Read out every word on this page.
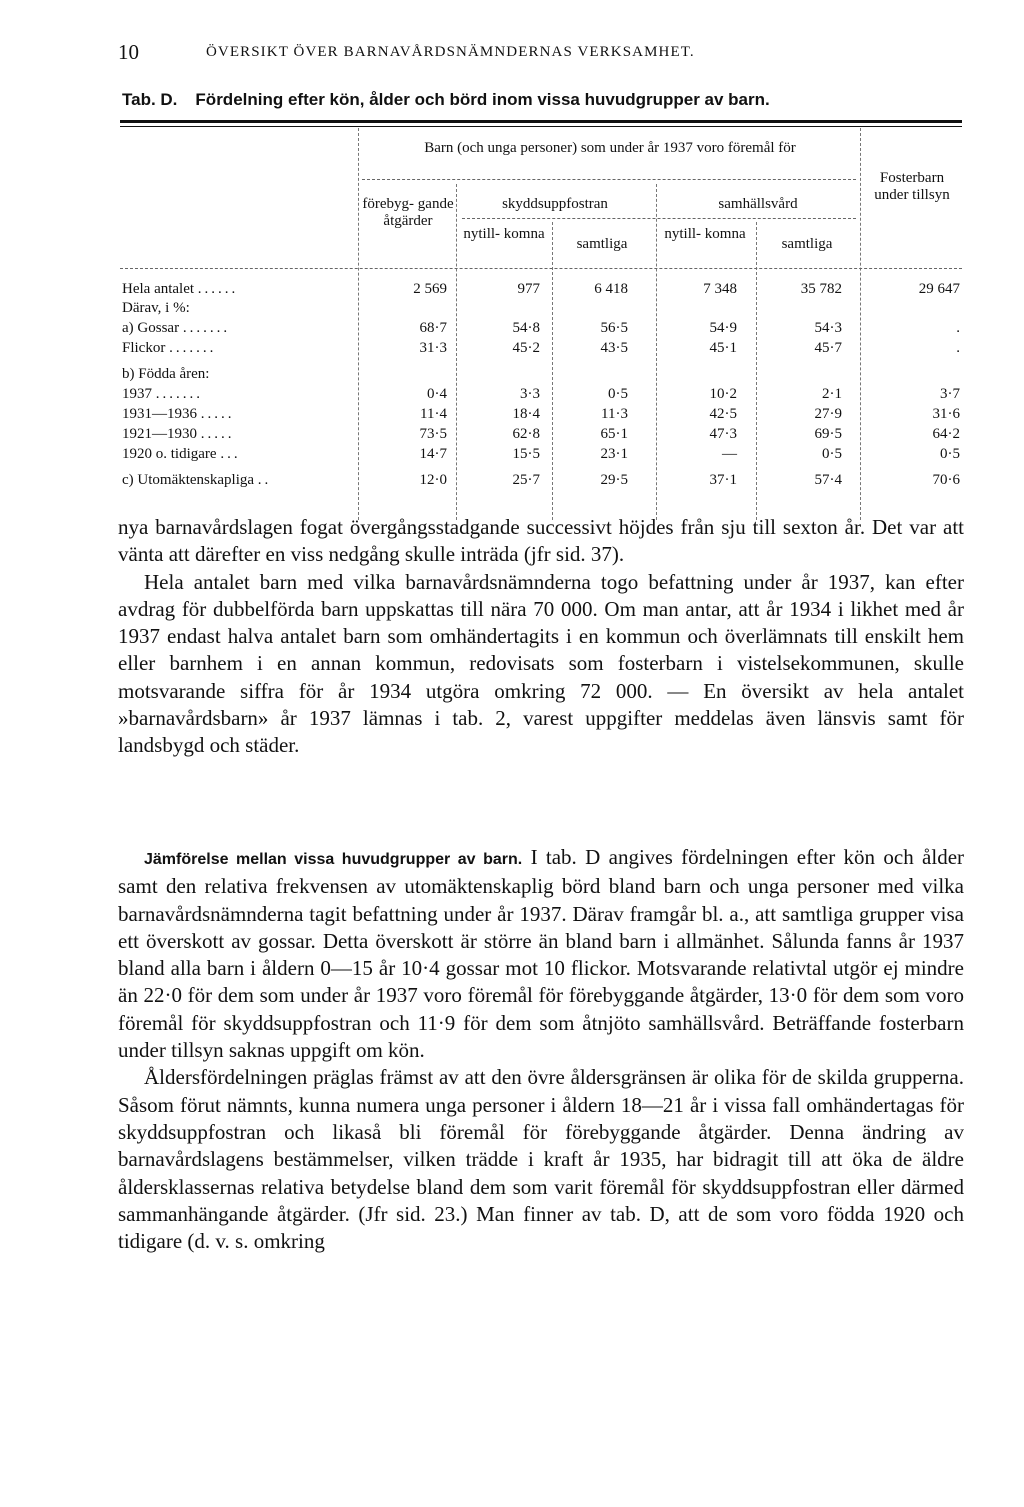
10	ÖVERSIKT ÖVER BARNAVÅRDSNÄMNDERNAS VERKSAMHET.
Tab. D. Fördelning efter kön, ålder och börd inom vissa huvudgrupper av barn.
Barn (och unga personer) som under år 1937 voro föremål för
förebyg- gande åtgärder
skyddsuppfostran	samhällsvård
nytill- komna
samtliga
nytill- komna
samtliga
Fosterbarn under tillsyn
Hela antalet ......	2 569	977	6 418	7 348	35 782	29 647
Därav, i %:
a) Gossar .......	68·7	54·8	56·5	54·9	54·3	.
Flickor .......	31·3	45·2	43·5	45·1	45·7	.
b) Födda åren:
1937 .......	0·4	3·3	0·5	10·2	2·1	3·7
1931—1936 .....	11·4	18·4	11·3	42·5	27·9	31·6
1921—1930 .....	73·5	62·8	65·1	47·3	69·5	64·2
1920 o. tidigare ...	14·7	15·5	23·1	—	0·5	0·5
c) Utomäktenskapliga ..	12·0	25·7	29·5	37·1	57·4	70·6

nya barnavårdslagen fogat övergångsstadgande successivt höjdes från sju till sexton år. Det var att vänta att därefter en viss nedgång skulle inträda (jfr sid. 37).

Hela antalet barn med vilka barnavårdsnämnderna togo befattning under år 1937, kan efter avdrag för dubbelförda barn uppskattas till nära 70 000. Om man antar, att år 1934 i likhet med år 1937 endast halva antalet barn som omhändertagits i en kommun och överlämnats till enskilt hem eller barnhem i en annan kommun, redovisats som fosterbarn i vistelsekommunen, skulle motsvarande siffra för år 1934 utgöra omkring 72 000. — En översikt av hela antalet »barnavårdsbarn» år 1937 lämnas i tab. 2, varest uppgifter meddelas även länsvis samt för landsbygd och städer.

Jämförelse mellan vissa huvudgrupper av barn. I tab. D angives fördelningen efter kön och ålder samt den relativa frekvensen av utomäktenskaplig börd bland barn och unga personer med vilka barnavårdsnämnderna tagit befattning under år 1937. Därav framgår bl. a., att samtliga grupper visa ett överskott av gossar. Detta överskott är större än bland barn i allmänhet. Sålunda fanns år 1937 bland alla barn i åldern 0—15 år 10·4 gossar mot 10 flickor. Motsvarande relativtal utgör ej mindre än 22·0 för dem som under år 1937 voro föremål för förebyggande åtgärder, 13·0 för dem som voro föremål för skyddsuppfostran och 11·9 för dem som åtnjöto samhällsvård. Beträffande fosterbarn under tillsyn saknas uppgift om kön.

Åldersfördelningen präglas främst av att den övre åldersgränsen är olika för de skilda grupperna. Såsom förut nämnts, kunna numera unga personer i åldern 18—21 år i vissa fall omhändertagas för skyddsuppfostran och likaså bli föremål för förebyggande åtgärder. Denna ändring av barnavårdslagens bestämmelser, vilken trädde i kraft år 1935, har bidragit till att öka de äldre åldersklassernas relativa betydelse bland dem som varit föremål för skyddsuppfostran eller därmed sammanhängande åtgärder. (Jfr sid. 23.) Man finner av tab. D, att de som voro födda 1920 och tidigare (d. v. s. omkring
